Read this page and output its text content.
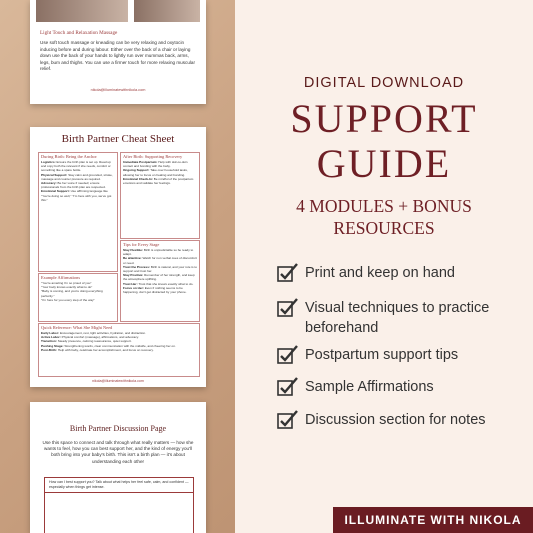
Light Touch and Relaxation Massage
Use soft touch massage or kneading can be very relaxing and oxytocin inducing before and during labour. Either over the back of a chair or laying down use the back of your hands to lightly run over mummas back, arms, legs, bum and thighs. You can use a firmer touch for more relaxing muscular relief.
nikola@illuminatewithnikola.com
Birth Partner Cheat Sheet
During Birth: Being the Anchor
Logistics: Ensure the birth plan is set up. Read up and copy both the relevant if she needs, comfort or something like a spare bottle.
Physical Support: Stay calm and grounded, stroke, massage and counter pressure as required.
Advocacy: Be her voice if needed; ensure professionals from the birth plan are respected.
Emotional Support: Use affirming language like "You're doing so well," "I'm here with you, we've got this."
After Birth: Supporting Recovery
Immediate Postpartum: Help with skin-to-skin contact and bonding with the baby.
Ongoing Support: Take over household tasks, allowing her to focus on healing and bonding.
Emotional Check-In: Be mindful of the postpartum emotions and validate her feelings.
Tips for Every Stage
Stay Flexible: Birth is unpredictable so be ready to adapt.
Be attentive: Watch for non verbal cues of discomfort or need.
Trust the Process: Birth is natural, and your role is to support and trust her.
Stay Positive: Remember of her strength, and keep the atmosphere uplifting.
Trust Her: Trust that she knows exactly what to do.
Focus on Her: Even if nothing seems to be happening, don't get distracted by your phone.
Example Affirmations
"You're amazing I'm so proud of you"
"Your body knows exactly what to do"
"Baby is coming, and you're doing everything perfectly."
"I'm here for you every step of the way"
Quick Reference: What She Might Need
Early Labor: Encouragement, rest, light activities, hydration, and distraction.
Active Labor: Physical comfort (massage), affirmations, and advocacy.
Transition: Steady presence, calming reassurance, quiet support.
Pushing Stage: Strengthening words, clear communication with the midwife, and cheering her on.
Post-Birth: Help with baby, celebrate her accomplishment, and focus on recovery.
nikola@illuminatewithnikola.com
Birth Partner Discussion Page
Use this space to connect and talk through what really matters — how she wants to feel, how you can best support her, and the kind of energy you'll both bring into your baby's birth. This isn't a birth plan — it's about understanding each other
How can I best support you? Talk about what helps her feel safe, calm, and confident — especially when things get intense.
DIGITAL DOWNLOAD
SUPPORT
GUIDE
4 MODULES + BONUS
RESOURCES
Print and keep on hand
Visual techniques to practice beforehand
Postpartum support tips
Sample Affirmations
Discussion section for notes
ILLUMINATE WITH NIKOLA
